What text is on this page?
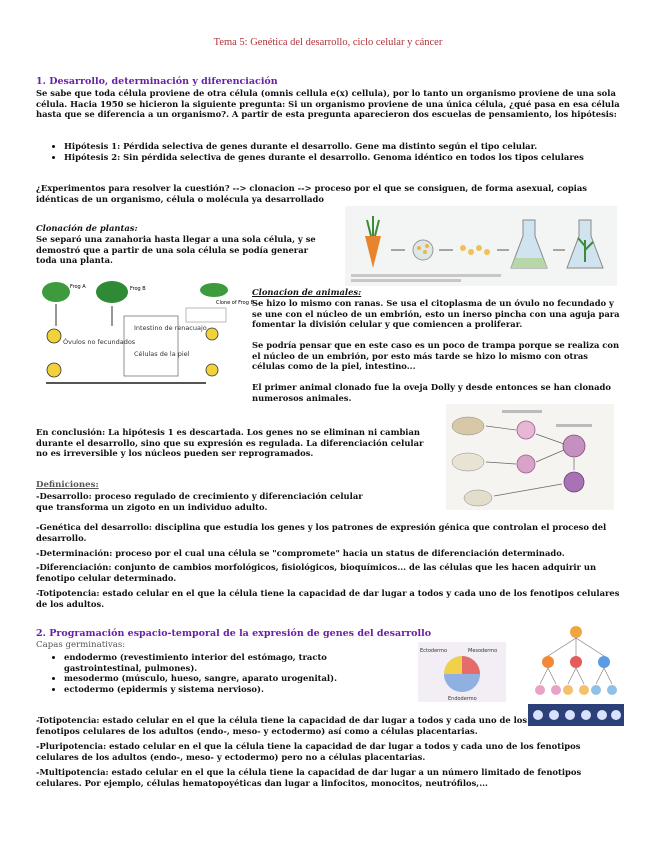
Tema 5: Genética del desarrollo, ciclo celular y cáncer
1. Desarrollo, determinación y diferenciación
Se sabe que toda célula proviene de otra célula (omnis cellula e(x) cellula), por lo tanto un organismo proviene de una sola célula. Hacia 1950 se hicieron la siguiente pregunta: Si un organismo proviene de una única célula, ¿qué pasa en esa célula hasta que se diferencia a un organismo?. A partir de esta pregunta aparecieron dos escuelas de pensamiento, los hipótesis:
• Hipótesis 1: Pérdida selectiva de genes durante el desarrollo. Gene ma distinto según el tipo celular.
• Hipótesis 2: Sin pérdida selectiva de genes durante el desarrollo. Genoma idéntico en todos los tipos celulares
¿Experimentos para resolver la cuestión? --> clonacion --> proceso por el que se consiguen, de forma asexual, copias idénticas de un organismo, célula o molécula ya desarrollado
Clonación de plantas:
Se separó una zanahoria hasta llegar a una sola célula, y se demostró que a partir de una sola célula se podía generar toda una planta.
Frog A	Frog B
Clone of Frog B
Óvulos no fecundados
Intestino de renacuajo
Células de la piel
Clonacion de animales:
Se hizo lo mismo con ranas. Se usa el citoplasma de un óvulo no fecundado y se une con el núcleo de un embrión, esto un inerso pincha con una aguja para fomentar la división celular y que comiencen a proliferar.
Se podría pensar que en este caso es un poco de trampa porque se realiza con el núcleo de un embrión, por esto más tarde se hizo lo mismo con otras células como de la piel, intestino...
El primer animal clonado fue la oveja Dolly y desde entonces se han clonado numerosos animales.
En conclusión: La hipótesis 1 es descartada. Los genes no se eliminan ni cambian durante el desarrollo, sino que su expresión es regulada. La diferenciación celular no es irreversible y los núcleos pueden ser reprogramados.
Definiciones:
-Desarrollo: proceso regulado de crecimiento y diferenciación celular que transforma un zigoto en un individuo adulto.
-Genética del desarrollo: disciplina que estudia los genes y los patrones de expresión génica que controlan el proceso del desarrollo.
-Determinación: proceso por el cual una célula se "compromete" hacia un status de diferenciación determinado.
-Diferenciación: conjunto de cambios morfológicos, fisiológicos, bioquímicos... de las células que les hacen adquirir un fenotipo celular determinado.
-Totipotencia: estado celular en el que la célula tiene la capacidad de dar lugar a todos y cada uno de los fenotipos celulares de los adultos.
2. Programación espacio-temporal de la expresión de genes del desarrollo
Capas germinativas:
• endodermo (revestimiento interior del estómago, tracto gastrointestinal, pulmones).
• mesodermo (músculo, hueso, sangre, aparato urogenital).
• ectodermo (epidermis y sistema nervioso).
Ectodermo	Mesodermo
Endodermo
-Totipotencia: estado celular en el que la célula tiene la capacidad de dar lugar a todos y cada uno de los fenotipos celulares de los adultos (endo-, meso- y ectodermo) así como a células placentarias.
-Pluripotencia: estado celular en el que la célula tiene la capacidad de dar lugar a todos y cada uno de los fenotipos celulares de los adultos (endo-, meso- y ectodermo) pero no a células placentarias.
-Multipotencia: estado celular en el que la célula tiene la capacidad de dar lugar a un número limitado de fenotipos celulares. Por ejemplo, células hematopoyéticas dan lugar a linfocitos, monocitos, neutrófilos,...
